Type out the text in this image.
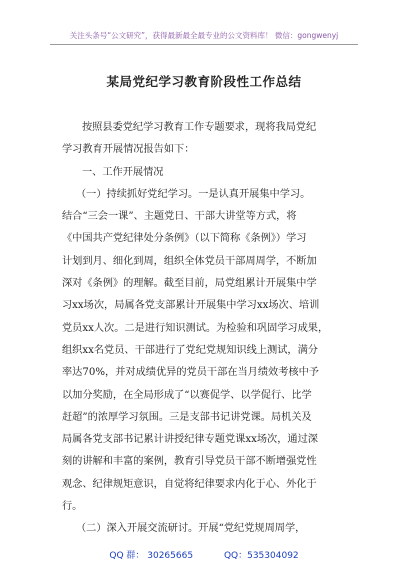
关注头条号“公文研究”，获得最新最全最专业的公文资料库！ 微信：gongwenyj
某局党纪学习教育阶段性工作总结
按照县委党纪学习教育工作专题要求，现将我局党纪
学习教育开展情况报告如下：
一、工作开展情况
（一）持续抓好党纪学习。一是认真开展集中学习。
结合“三会一课”、主题党日、干部大讲堂等方式，将
《中国共产党纪律处分条例》（以下简称《条例》）学习
计划到月、细化到周，组织全体党员干部周周学，不断加
深对《条例》的理解。截至目前，局党组累计开展集中学
习xx场次，局属各党支部累计开展集中学习xx场次、培训
党员xx人次。二是进行知识测试。为检验和巩固学习成果，
组织xx名党员、干部进行了党纪党规知识线上测试，满分
率达70%，并对成绩优异的党员干部在当月绩效考核中予
以加分奖励，在全局形成了“以赛促学、以学促行、比学
赶超”的浓厚学习氛围。三是支部书记讲党课。局机关及
局属各党支部书记累计讲授纪律专题党课xx场次，通过深
刻的讲解和丰富的案例，教育引导党员干部不断增强党性
观念、纪律规矩意识，自觉将纪律要求内化于心、外化于
行。
（二）深入开展交流研讨。开展“党纪党规周周学，
QQ 群： 30265665	QQ：535304092
